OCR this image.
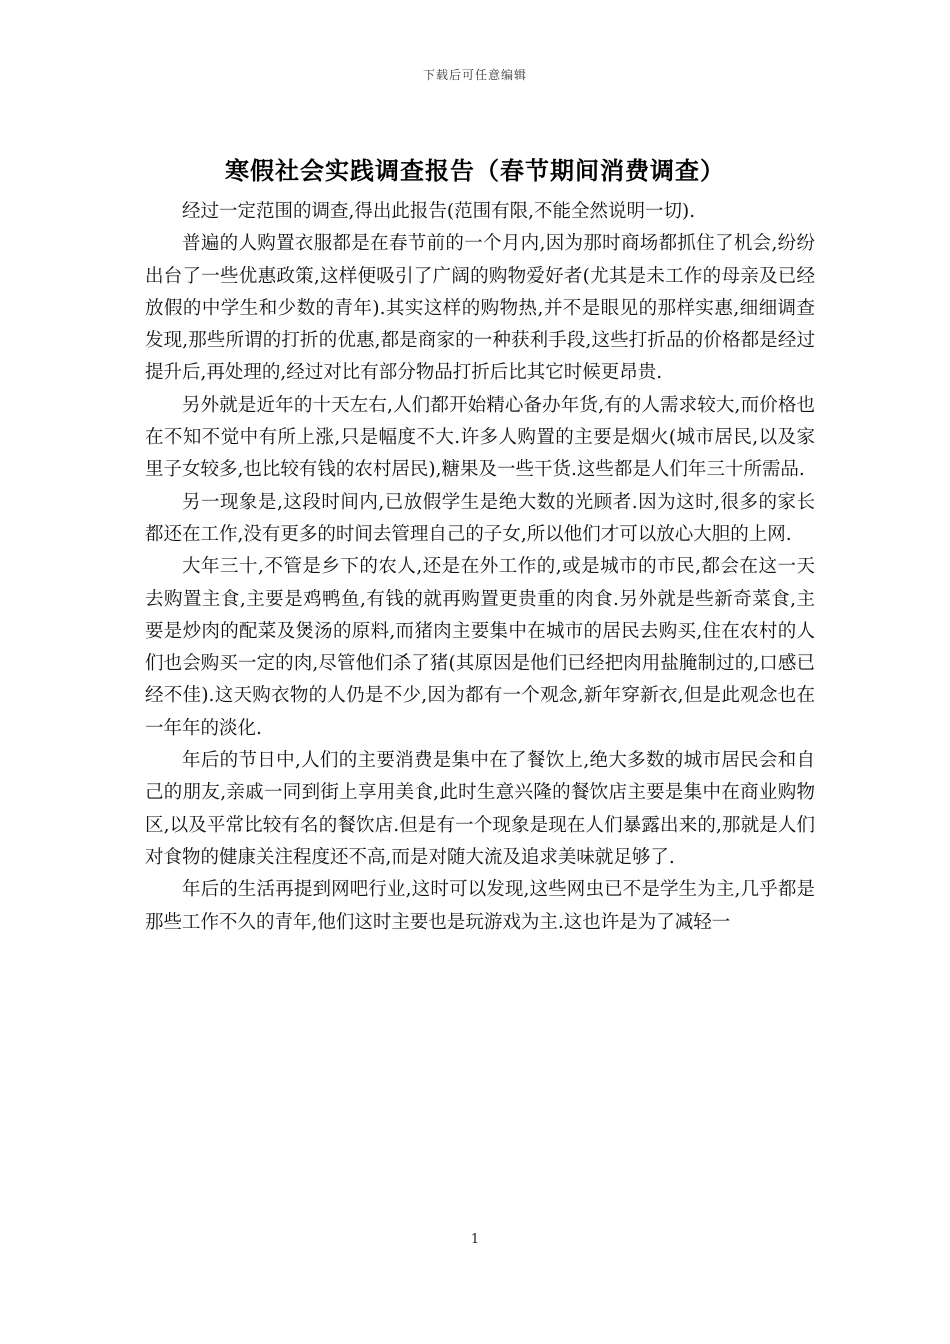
下载后可任意编辑
寒假社会实践调查报告（春节期间消费调查）

经过一定范围的调查,得出此报告(范围有限,不能全然说明一切).

普遍的人购置衣服都是在春节前的一个月内,因为那时商场都抓住了机会,纷纷出台了一些优惠政策,这样便吸引了广阔的购物爱好者(尤其是未工作的母亲及已经放假的中学生和少数的青年).其实这样的购物热,并不是眼见的那样实惠,细细调查发现,那些所谓的打折的优惠,都是商家的一种获利手段,这些打折品的价格都是经过提升后,再处理的,经过对比有部分物品打折后比其它时候更昂贵.

另外就是近年的十天左右,人们都开始精心备办年货,有的人需求较大,而价格也在不知不觉中有所上涨,只是幅度不大.许多人购置的主要是烟火(城市居民,以及家里子女较多,也比较有钱的农村居民),糖果及一些干货.这些都是人们年三十所需品.

另一现象是,这段时间内,已放假学生是绝大数的光顾者.因为这时,很多的家长都还在工作,没有更多的时间去管理自己的子女,所以他们才可以放心大胆的上网.

大年三十,不管是乡下的农人,还是在外工作的,或是城市的市民,都会在这一天去购置主食,主要是鸡鸭鱼,有钱的就再购置更贵重的肉食.另外就是些新奇菜食,主要是炒肉的配菜及煲汤的原料,而猪肉主要集中在城市的居民去购买,住在农村的人们也会购买一定的肉,尽管他们杀了猪(其原因是他们已经把肉用盐腌制过的,口感已经不佳).这天购衣物的人仍是不少,因为都有一个观念,新年穿新衣,但是此观念也在一年年的淡化.

年后的节日中,人们的主要消费是集中在了餐饮上,绝大多数的城市居民会和自己的朋友,亲戚一同到街上享用美食,此时生意兴隆的餐饮店主要是集中在商业购物区,以及平常比较有名的餐饮店.但是有一个现象是现在人们暴露出来的,那就是人们对食物的健康关注程度还不高,而是对随大流及追求美味就足够了.

年后的生活再提到网吧行业,这时可以发现,这些网虫已不是学生为主,几乎都是那些工作不久的青年,他们这时主要也是玩游戏为主.这也许是为了减轻一

1
